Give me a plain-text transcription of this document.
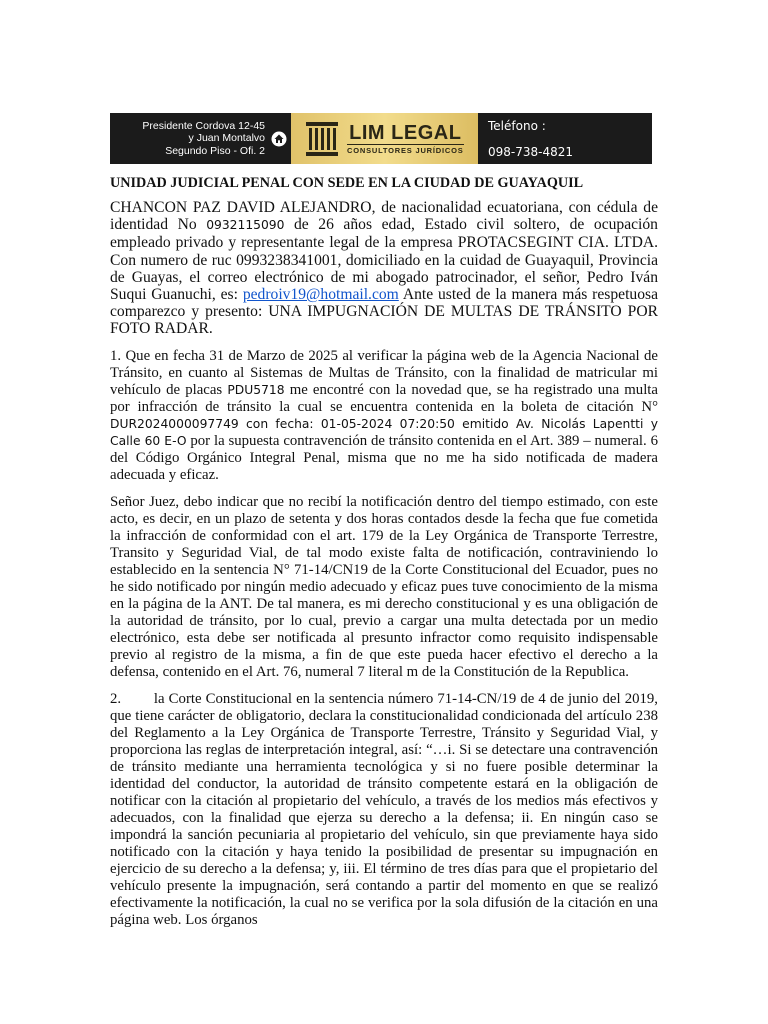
Presidente Cordova 12-45
y Juan Montalvo
Segundo Piso - Ofi. 2
LIM LEGAL
CONSULTORES JURÍDICOS
Teléfono :
098-738-4821
UNIDAD JUDICIAL PENAL CON SEDE EN LA CIUDAD DE GUAYAQUIL

CHANCON PAZ DAVID ALEJANDRO, de nacionalidad ecuatoriana, con cédula de identidad No 0932115090 de 26 años edad, Estado civil soltero, de ocupación empleado privado y representante legal de la empresa PROTACSEGINT CIA. LTDA. Con numero de ruc 0993238341001, domiciliado en la cuidad de Guayaquil, Provincia de Guayas, el correo electrónico de mi abogado patrocinador, el señor, Pedro Iván Suqui Guanuchi, es: pedroiv19@hotmail.com Ante usted de la manera más respetuosa comparezco y presento: UNA IMPUGNACIÓN DE MULTAS DE TRÁNSITO POR FOTO RADAR.

1. Que en fecha 31 de Marzo de 2025 al verificar la página web de la Agencia Nacional de Tránsito, en cuanto al Sistemas de Multas de Tránsito, con la finalidad de matricular mi vehículo de placas PDU5718 me encontré con la novedad que, se ha registrado una multa por infracción de tránsito la cual se encuentra contenida en la boleta de citación N° DUR2024000097749 con fecha: 01-05-2024 07:20:50 emitido Av. Nicolás Lapentti y Calle 60 E-O por la supuesta contravención de tránsito contenida en el Art. 389 – numeral. 6 del Código Orgánico Integral Penal, misma que no me ha sido notificada de madera adecuada y eficaz.

Señor Juez, debo indicar que no recibí la notificación dentro del tiempo estimado, con este acto, es decir, en un plazo de setenta y dos horas contados desde la fecha que fue cometida la infracción de conformidad con el art. 179 de la Ley Orgánica de Transporte Terrestre, Transito y Seguridad Vial, de tal modo existe falta de notificación, contraviniendo lo establecido en la sentencia N° 71-14/CN19 de la Corte Constitucional del Ecuador, pues no he sido notificado por ningún medio adecuado y eficaz pues tuve conocimiento de la misma en la página de la ANT. De tal manera, es mi derecho constitucional y es una obligación de la autoridad de tránsito, por lo cual, previo a cargar una multa detectada por un medio electrónico, esta debe ser notificada al presunto infractor como requisito indispensable previo al registro de la misma, a fin de que este pueda hacer efectivo el derecho a la defensa, contenido en el Art. 76, numeral 7 literal m de la Constitución de la Republica.

2.        la Corte Constitucional en la sentencia número 71-14-CN/19 de 4 de junio del 2019, que tiene carácter de obligatorio, declara la constitucionalidad condicionada del artículo 238 del Reglamento a la Ley Orgánica de Transporte Terrestre, Tránsito y Seguridad Vial, y proporciona las reglas de interpretación integral, así: “…i. Si se detectare una contravención de tránsito mediante una herramienta tecnológica y si no fuere posible determinar la identidad del conductor, la autoridad de tránsito competente estará en la obligación de notificar con la citación al propietario del vehículo, a través de los medios más efectivos y adecuados, con la finalidad que ejerza su derecho a la defensa; ii. En ningún caso se impondrá la sanción pecuniaria al propietario del vehículo, sin que previamente haya sido notificado con la citación y haya tenido la posibilidad de presentar su impugnación en ejercicio de su derecho a la defensa; y, iii. El término de tres días para que el propietario del vehículo presente la impugnación, será contando a partir del momento en que se realizó efectivamente la notificación, la cual no se verifica por la sola difusión de la citación en una página web. Los órganos
